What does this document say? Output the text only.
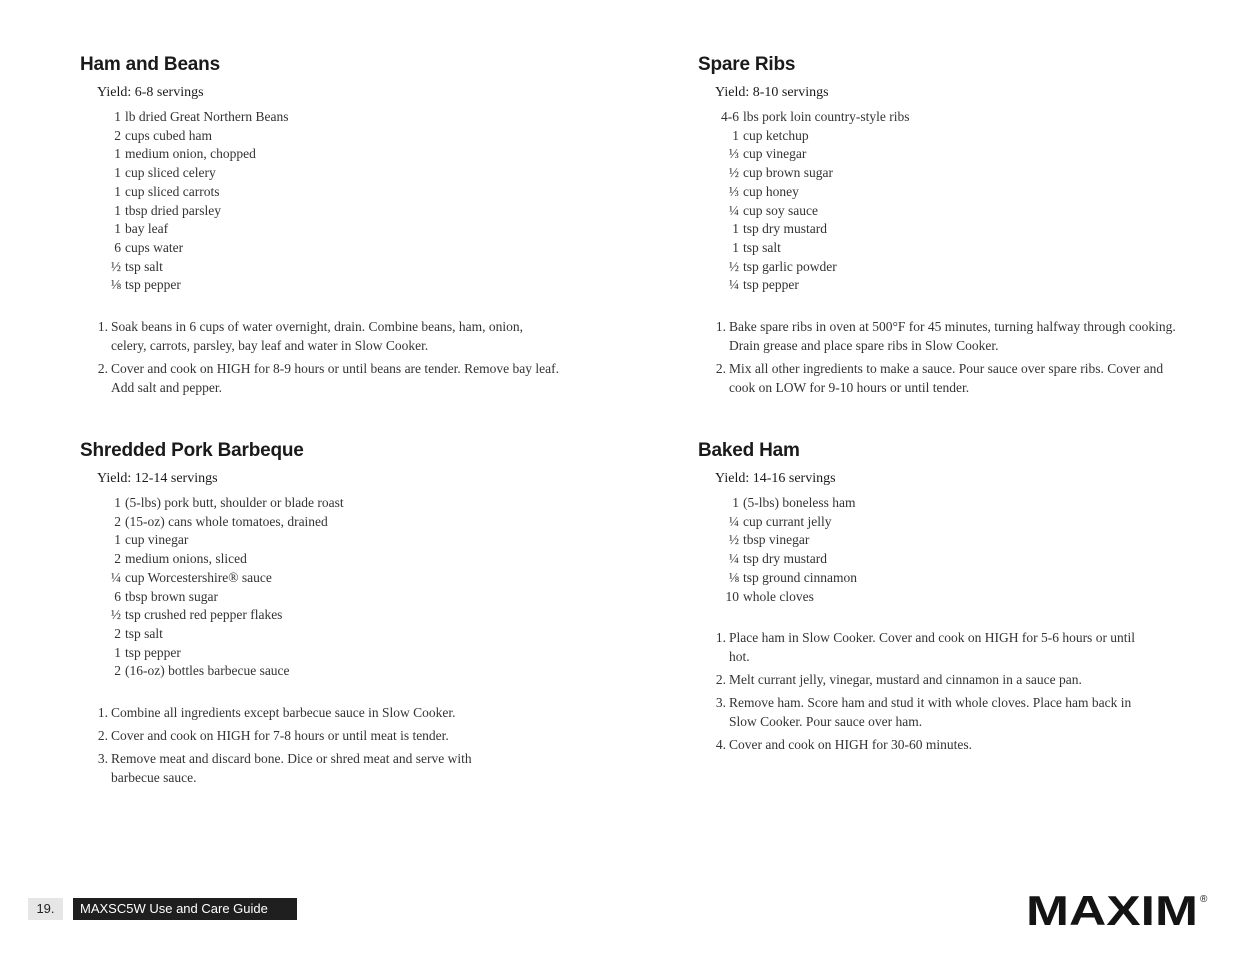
Ham and Beans
Yield: 6-8 servings
1 lb dried Great Northern Beans
2 cups cubed ham
1 medium onion, chopped
1 cup sliced celery
1 cup sliced carrots
1 tbsp dried parsley
1 bay leaf
6 cups water
½ tsp salt
⅛ tsp pepper
1. Soak beans in 6 cups of water overnight, drain. Combine beans, ham, onion, celery, carrots, parsley, bay leaf and water in Slow Cooker.
2. Cover and cook on HIGH for 8-9 hours or until beans are tender. Remove bay leaf. Add salt and pepper.
Spare Ribs
Yield: 8-10 servings
4-6 lbs pork loin country-style ribs
1 cup ketchup
⅓ cup vinegar
½ cup brown sugar
⅓ cup honey
¼ cup soy sauce
1 tsp dry mustard
1 tsp salt
½ tsp garlic powder
¼ tsp pepper
1. Bake spare ribs in oven at 500°F for 45 minutes, turning halfway through cooking. Drain grease and place spare ribs in Slow Cooker.
2. Mix all other ingredients to make a sauce. Pour sauce over spare ribs. Cover and cook on LOW for 9-10 hours or until tender.
Shredded Pork Barbeque
Yield: 12-14 servings
1 (5-lbs) pork butt, shoulder or blade roast
2 (15-oz) cans whole tomatoes, drained
1 cup vinegar
2 medium onions, sliced
¼ cup Worcestershire® sauce
6 tbsp brown sugar
½ tsp crushed red pepper flakes
2 tsp salt
1 tsp pepper
2 (16-oz) bottles barbecue sauce
1. Combine all ingredients except barbecue sauce in Slow Cooker.
2. Cover and cook on HIGH for 7-8 hours or until meat is tender.
3. Remove meat and discard bone. Dice or shred meat and serve with barbecue sauce.
Baked Ham
Yield: 14-16 servings
1 (5-lbs) boneless ham
¼ cup currant jelly
½ tbsp vinegar
¼ tsp dry mustard
⅛ tsp ground cinnamon
10 whole cloves
1. Place ham in Slow Cooker. Cover and cook on HIGH for 5-6 hours or until hot.
2. Melt currant jelly, vinegar, mustard and cinnamon in a sauce pan.
3. Remove ham. Score ham and stud it with whole cloves. Place ham back in Slow Cooker. Pour sauce over ham.
4. Cover and cook on HIGH for 30-60 minutes.
19.	MAXSC5W Use and Care Guide	MAXIM ®
